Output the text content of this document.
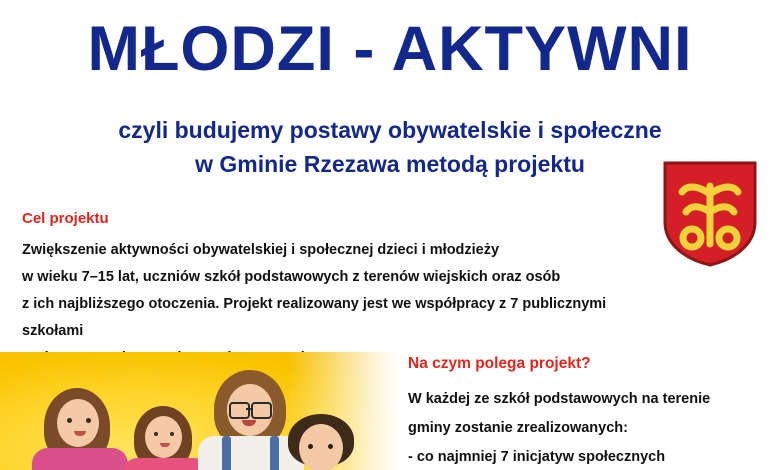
MŁODZI - AKTYWNI
czyli budujemy postawy obywatelskie i społeczne
w Gminie Rzezawa metodą projektu
Cel projektu

Zwiększenie aktywności obywatelskiej i społecznej dzieci i młodzieży

w wieku 7–15 lat, uczniów szkół podstawowych z terenów wiejskich oraz osób

z ich najbliższego otoczenia. Projekt realizowany jest we współpracy z 7 publicznymi szkołami

Na czym polega projekt?

W każdej ze szkół podstawowych na terenie

gminy zostanie zrealizowanych:

- co najmniej 7 inicjatyw społecznych
